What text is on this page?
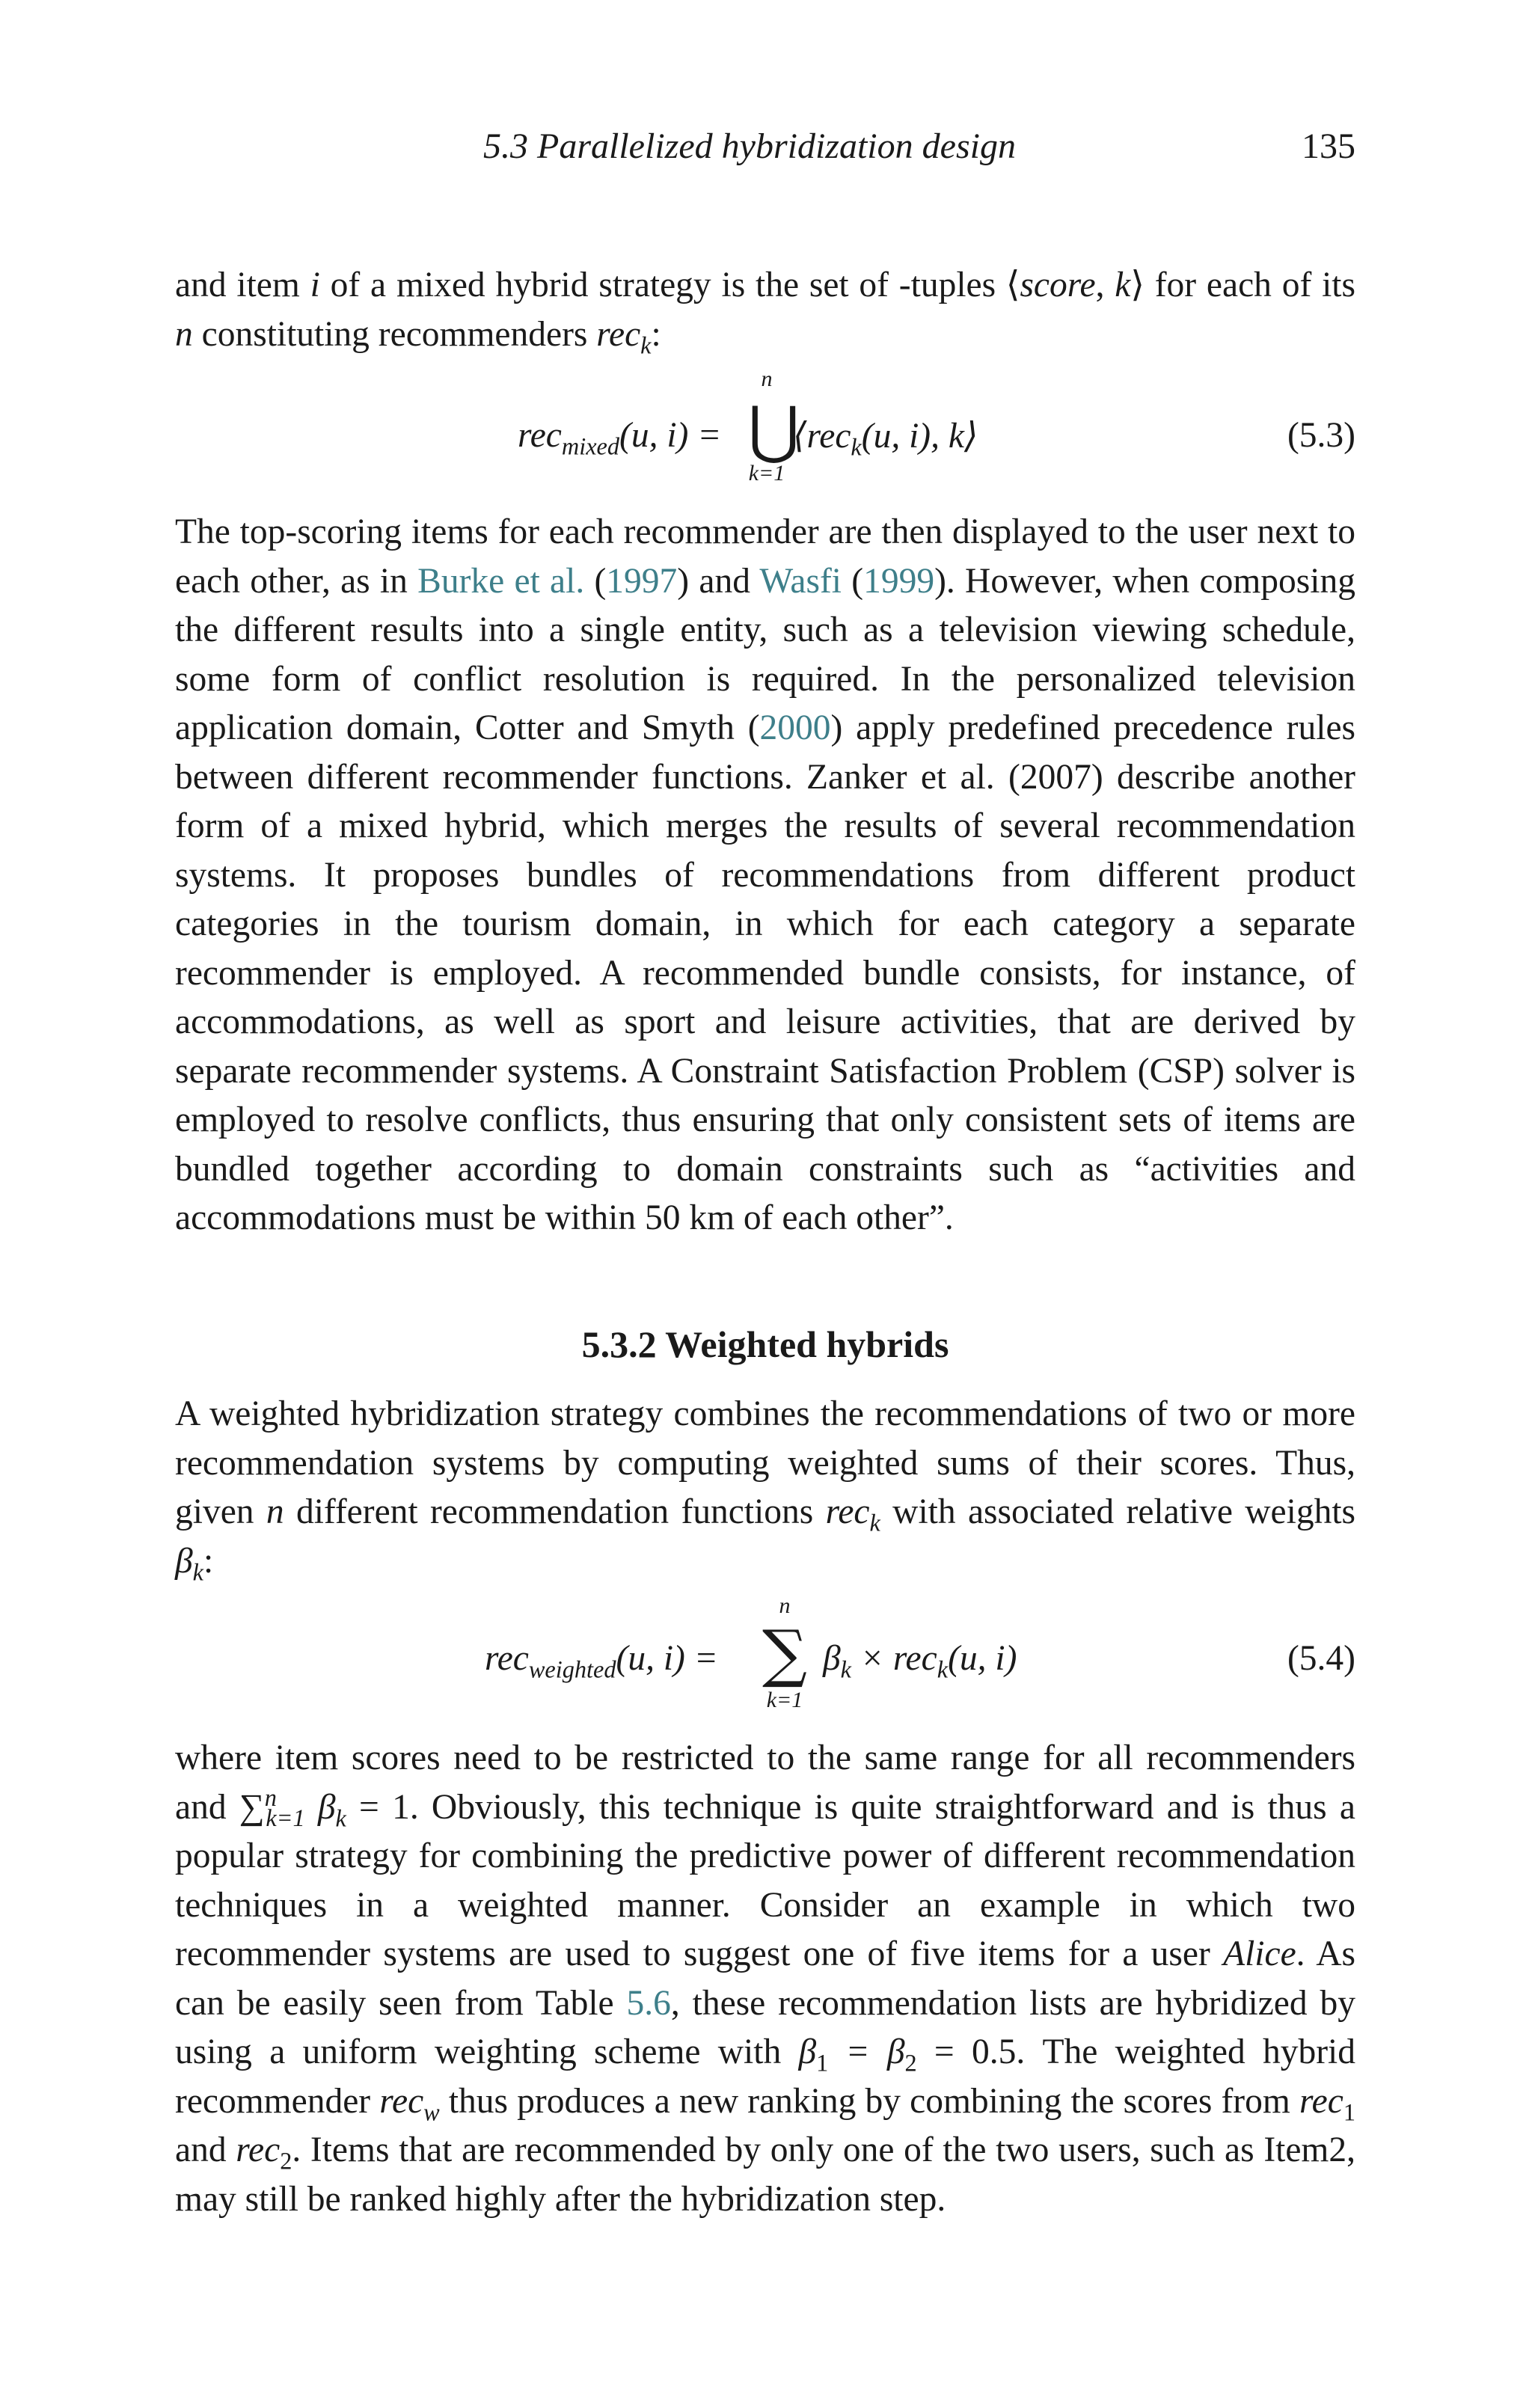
5.3 Parallelized hybridization design	135

and item i of a mixed hybrid strategy is the set of -tuples ⟨score, k⟩ for each of its n constituting recommenders rec$_k$:

rec$_{mixed}$(u, i) =
n
⋃
k=1
⟨rec$_k$(u, i), k⟩	(5.3)

The top-scoring items for each recommender are then displayed to the user next to each other, as in Burke et al. (1997) and Wasfi (1999). However, when composing the different results into a single entity, such as a television viewing schedule, some form of conflict resolution is required. In the personalized television application domain, Cotter and Smyth (2000) apply predefined precedence rules between different recommender functions. Zanker et al. (2007) describe another form of a mixed hybrid, which merges the results of several recommendation systems. It proposes bundles of recommendations from different product categories in the tourism domain, in which for each category a separate recommender is employed. A recommended bundle consists, for instance, of accommodations, as well as sport and leisure activities, that are derived by separate recommender systems. A Constraint Satisfaction Problem (CSP) solver is employed to resolve conflicts, thus ensuring that only consistent sets of items are bundled together according to domain constraints such as “activities and accommodations must be within 50 km of each other”.

5.3.2 Weighted hybrids

A weighted hybridization strategy combines the recommendations of two or more recommendation systems by computing weighted sums of their scores. Thus, given n different recommendation functions rec$_k$ with associated relative weights $\beta_k$:

rec$_{weighted}$(u, i) =
n
∑
k=1
$\beta_k \times rec_k(u$, i)	(5.4)

where item scores need to be restricted to the same range for all recommenders and ∑$^n_{k=1}$ $\beta_k = 1$. Obviously, this technique is quite straightforward and is thus a popular strategy for combining the predictive power of different recommendation techniques in a weighted manner. Consider an example in which two recommender systems are used to suggest one of five items for a user Alice. As can be easily seen from Table 5.6, these recommendation lists are hybridized by using a uniform weighting scheme with $\beta_1 = \beta_2 = 0.5$. The weighted hybrid recommender rec$_w$ thus produces a new ranking by combining the scores from rec$_1$ and rec$_2$. Items that are recommended by only one of the two users, such as Item2, may still be ranked highly after the hybridization step.
